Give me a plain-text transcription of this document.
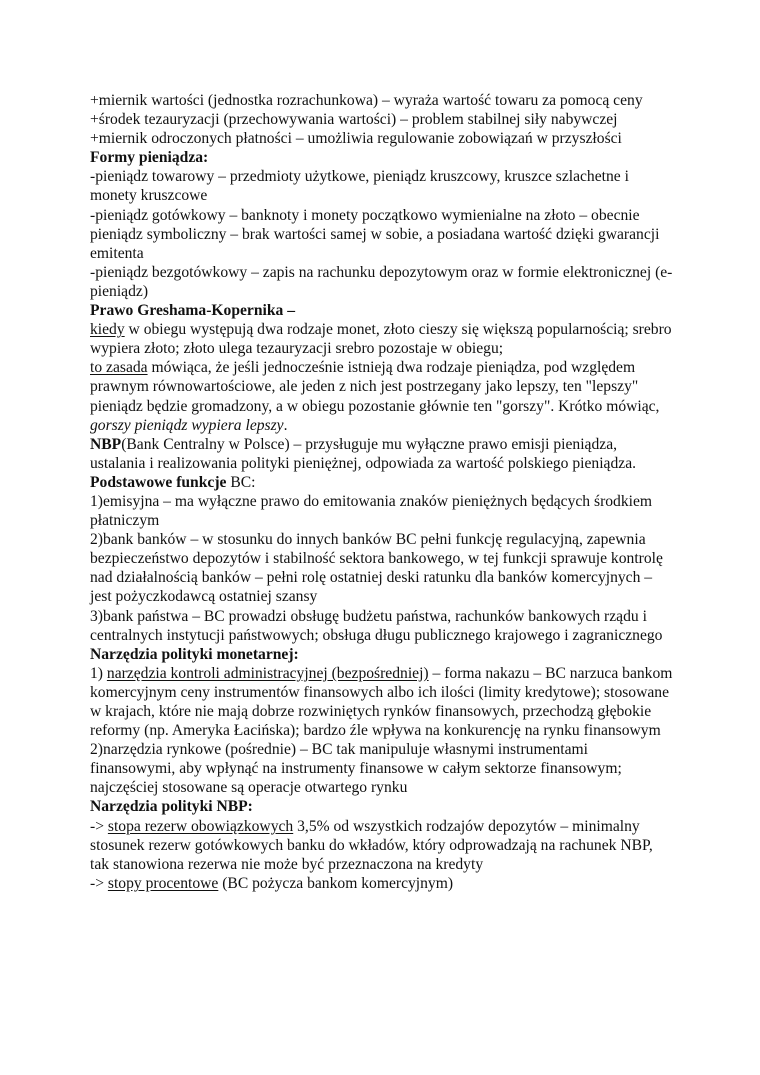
+miernik wartości (jednostka rozrachunkowa) – wyraża wartość towaru za pomocą ceny

+środek tezauryzacji (przechowywania wartości) – problem stabilnej siły nabywczej

+miernik odroczonych płatności – umożliwia regulowanie zobowiązań w przyszłości

Formy pieniądza:

-pieniądz towarowy – przedmioty użytkowe, pieniądz kruszcowy, kruszce szlachetne i monety kruszcowe

-pieniądz gotówkowy – banknoty i monety początkowo wymienialne na złoto – obecnie pieniądz symboliczny – brak wartości samej w sobie, a posiadana wartość dzięki gwarancji emitenta

-pieniądz bezgotówkowy – zapis na rachunku depozytowym oraz w formie elektronicznej (e-pieniądz)

Prawo Greshama-Kopernika –

kiedy w obiegu występują dwa rodzaje monet, złoto cieszy się większą popularnością; srebro wypiera złoto; złoto ulega tezauryzacji srebro pozostaje w obiegu;

to zasada mówiąca, że jeśli jednocześnie istnieją dwa rodzaje pieniądza, pod względem prawnym równowartościowe, ale jeden z nich jest postrzegany jako lepszy, ten "lepszy" pieniądz będzie gromadzony, a w obiegu pozostanie głównie ten "gorszy". Krótko mówiąc, gorszy pieniądz wypiera lepszy.

NBP(Bank Centralny w Polsce) – przysługuje mu wyłączne prawo emisji pieniądza, ustalania i realizowania polityki pieniężnej, odpowiada za wartość polskiego pieniądza.

Podstawowe funkcje BC:

1)emisyjna – ma wyłączne prawo do emitowania znaków pieniężnych będących środkiem płatniczym

2)bank banków – w stosunku do innych banków BC pełni funkcję regulacyjną, zapewnia bezpieczeństwo depozytów i stabilność sektora bankowego, w tej funkcji sprawuje kontrolę nad działalnością banków – pełni rolę ostatniej deski ratunku dla banków komercyjnych – jest pożyczkodawcą ostatniej szansy

3)bank państwa – BC prowadzi obsługę budżetu państwa, rachunków bankowych rządu i centralnych instytucji państwowych; obsługa długu publicznego krajowego i zagranicznego

Narzędzia polityki monetarnej:

1) narzędzia kontroli administracyjnej (bezpośredniej) – forma nakazu – BC narzuca bankom komercyjnym ceny instrumentów finansowych albo ich ilości (limity kredytowe); stosowane w krajach, które nie mają dobrze rozwiniętych rynków finansowych, przechodzą głębokie reformy (np. Ameryka Łacińska); bardzo źle wpływa na konkurencję na rynku finansowym

2)narzędzia rynkowe (pośrednie) – BC tak manipuluje własnymi instrumentami finansowymi, aby wpłynąć na instrumenty finansowe w całym sektorze finansowym; najczęściej stosowane są operacje otwartego rynku

Narzędzia polityki NBP:

-> stopa rezerw obowiązkowych 3,5% od wszystkich rodzajów depozytów – minimalny stosunek rezerw gotówkowych banku do wkładów, który odprowadzają na rachunek NBP, tak stanowiona rezerwa nie może być przeznaczona na kredyty

-> stopy procentowe (BC pożycza bankom komercyjnym)
